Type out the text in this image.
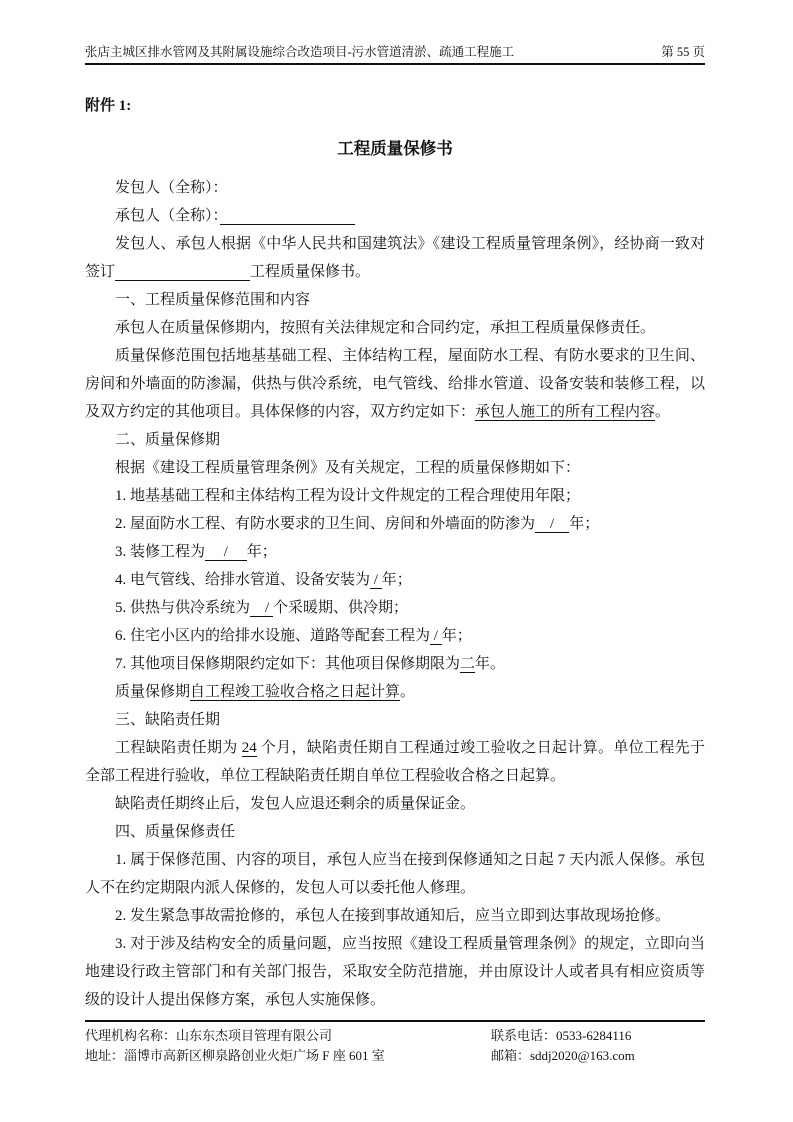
张店主城区排水管网及其附属设施综合改造项目-污水管道清淤、疏通工程施工	第 55 页
附件 1:
工程质量保修书

发包人（全称）：

承包人（全称）：　　　　　　　　　

发包人、承包人根据《中华人民共和国建筑法》《建设工程质量管理条例》，经协商一致对签订　　　　　　　　　	工程质量保修书。

一、工程质量保修范围和内容

承包人在质量保修期内，按照有关法律规定和合同约定，承担工程质量保修责任。

质量保修范围包括地基基础工程、主体结构工程，屋面防水工程、有防水要求的卫生间、房间和外墙面的防渗漏，供热与供冷系统，电气管线、给排水管道、设备安装和装修工程，以及双方约定的其他项目。具体保修的内容，双方约定如下：承包人施工的所有工程内容。

二、质量保修期

根据《建设工程质量管理条例》及有关规定，工程的质量保修期如下：

1. 地基基础工程和主体结构工程为设计文件规定的工程合理使用年限；

2. 屋面防水工程、有防水要求的卫生间、房间和外墙面的防渗为　/　年；

3. 装修工程为　 / 　年；

4. 电气管线、给排水管道、设备安装为 / 年；

5. 供热与供冷系统为　/ 个采暖期、供冷期；

6. 住宅小区内的给排水设施、道路等配套工程为 / 年；

7. 其他项目保修期限约定如下：其他项目保修期限为二年。

质量保修期自工程竣工验收合格之日起计算。

三、缺陷责任期

工程缺陷责任期为 24 个月，缺陷责任期自工程通过竣工验收之日起计算。单位工程先于全部工程进行验收，单位工程缺陷责任期自单位工程验收合格之日起算。

缺陷责任期终止后，发包人应退还剩余的质量保证金。

四、质量保修责任

1. 属于保修范围、内容的项目，承包人应当在接到保修通知之日起 7 天内派人保修。承包人不在约定期限内派人保修的，发包人可以委托他人修理。

2. 发生紧急事故需抢修的，承包人在接到事故通知后，应当立即到达事故现场抢修。

3. 对于涉及结构安全的质量问题，应当按照《建设工程质量管理条例》的规定，立即向当地建设行政主管部门和有关部门报告，采取安全防范措施，并由原设计人或者具有相应资质等级的设计人提出保修方案，承包人实施保修。

代理机构名称：山东东杰项目管理有限公司
地址：淄博市高新区柳泉路创业火炬广场 F 座 601 室
联系电话：0533-6284116
邮箱：sddj2020@163.com
